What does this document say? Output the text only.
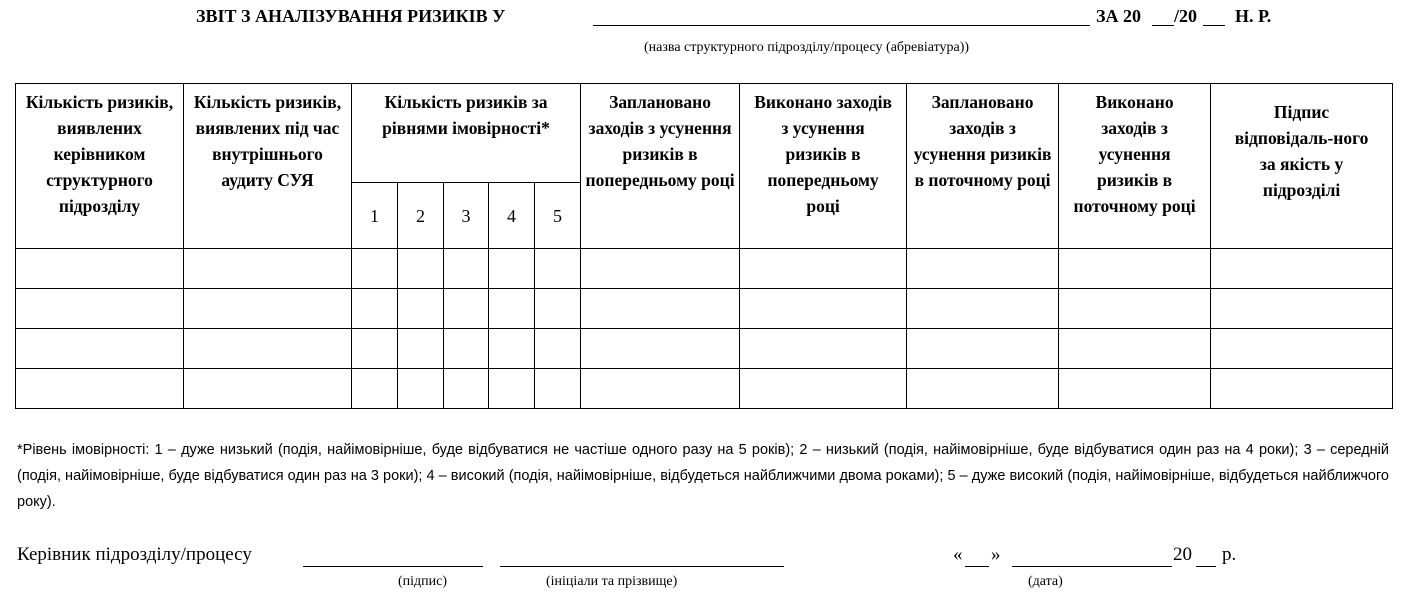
ЗВІТ З АНАЛІЗУВАННЯ РИЗИКІВ У	ЗА 20 /20 Н. Р.
(назва структурного підрозділу/процесу (абревіатура))
Кількість ризиків, виявлених керівником структурного підрозділу	Кількість ризиків, виявлених під час внутрішнього аудиту СУЯ	Кількість ризиків за рівнями імовірності*					Заплановано заходів з усунення ризиків в попередньому році	Виконано заходів з усунення ризиків в попередньому році	Заплановано заходів з усунення ризиків в поточному році	Виконано заходів з усунення ризиків в поточному році	Підпис відповідаль-ного за якість у підрозділі
		1	2	3	4	5					

*Рівень імовірності: 1 – дуже низький (подія, найімовірніше, буде відбуватися не частіше одного разу на 5 років); 2 – низький (подія, найімовірніше, буде відбуватися один раз на 4 роки); 3 – середній (подія, найімовірніше, буде відбуватися один раз на 3 роки); 4 – високий (подія, найімовірніше, відбудеться найближчими двома роками); 5 – дуже високий (подія, найімовірніше, відбудеться найближчого року).
Керівник підрозділу/процесу
(підпис)	(ініціали та прізвище)
« »	20 р.
(дата)
